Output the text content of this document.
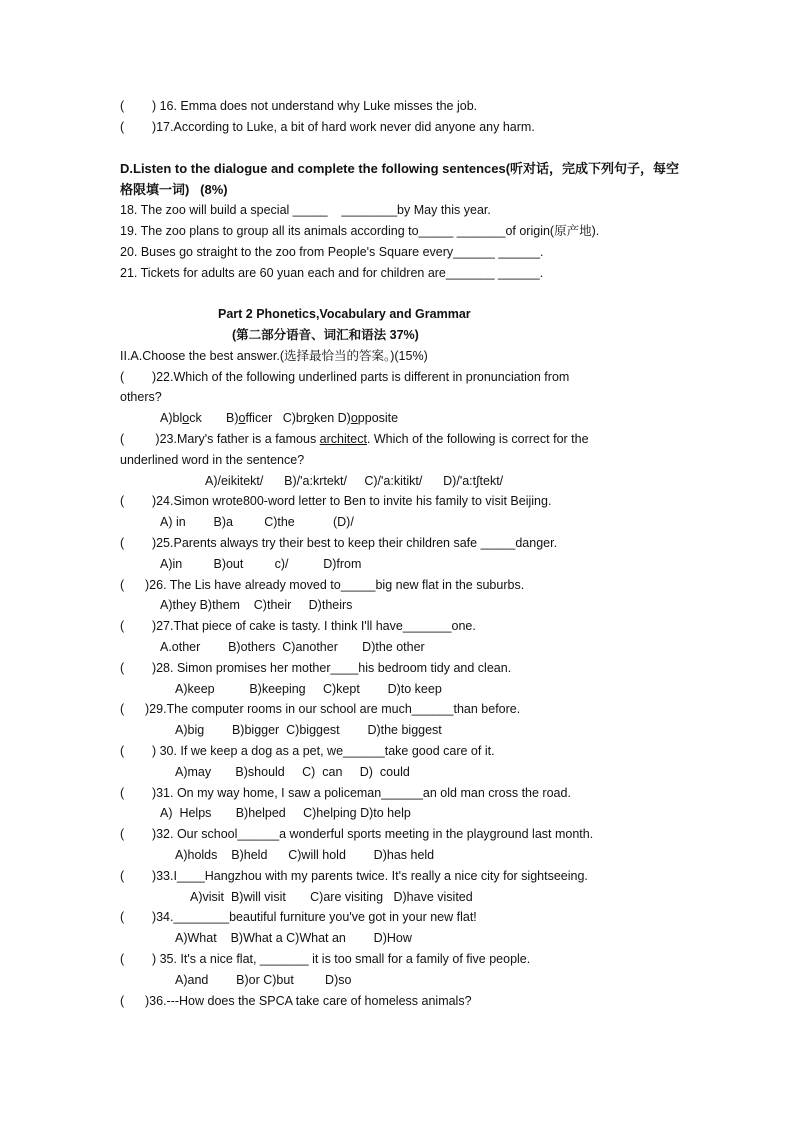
(        ) 16. Emma does not understand why Luke misses the job.
(        )17.According to Luke, a bit of hard work never did anyone any harm.
D.Listen to the dialogue and complete the following sentences(听对话，完成下列句子，每空
格限填一词)   (8%)
18. The zoo will build a special _____    ________by May this year.
19. The zoo plans to group all its animals according to_____ _______of origin(原产地).
20. Buses go straight to the zoo from People's Square every______ ______.
21. Tickets for adults are 60 yuan each and for children are_______ ______.
Part 2 Phonetics,Vocabulary and Grammar
(第二部分语音、词汇和语法 37%)
II.A.Choose the best answer.(选择最恰当的答案。)(15%)
(        )22.Which of the following underlined parts is different in pronunciation from
others?
A)block       B)officer   C)broken D)opposite
(         )23.Mary's father is a famous architect. Which of the following is correct for the
underlined word in the sentence?
A)/eikitekt/      B)/'a:krtekt/     C)/'a:kitikt/      D)/'a:t∫tekt/
(        )24.Simon wrote800-word letter to Ben to invite his family to visit Beijing.
A) in        B)a         C)the           (D)/
(        )25.Parents always try their best to keep their children safe _____danger.
A)in         B)out         c)/          D)from
(      )26. The Lis have already moved to_____big new flat in the suburbs.
A)they B)them    C)their     D)theirs
(        )27.That piece of cake is tasty. I think I'll have_______one.
A.other        B)others  C)another       D)the other
(        )28. Simon promises her mother____his bedroom tidy and clean.
A)keep          B)keeping     C)kept        D)to keep
(      )29.The computer rooms in our school are much______than before.
A)big        B)bigger  C)biggest        D)the biggest
(        ) 30. If we keep a dog as a pet, we______take good care of it.
A)may       B)should     C)  can     D)  could
(        )31. On my way home, I saw a policeman______an old man cross the road.
A)  Helps       B)helped     C)helping D)to help
(        )32. Our school______a wonderful sports meeting in the playground last month.
A)holds    B)held      C)will hold        D)has held
(        )33.I____Hangzhou with my parents twice. It's really a nice city for sightseeing.
A)visit  B)will visit       C)are visiting   D)have visited
(        )34.________beautiful furniture you've got in your new flat!
A)What    B)What a C)What an        D)How
(        ) 35. It's a nice flat, _______ it is too small for a family of five people.
A)and        B)or C)but         D)so
(      )36.---How does the SPCA take care of homeless animals?
